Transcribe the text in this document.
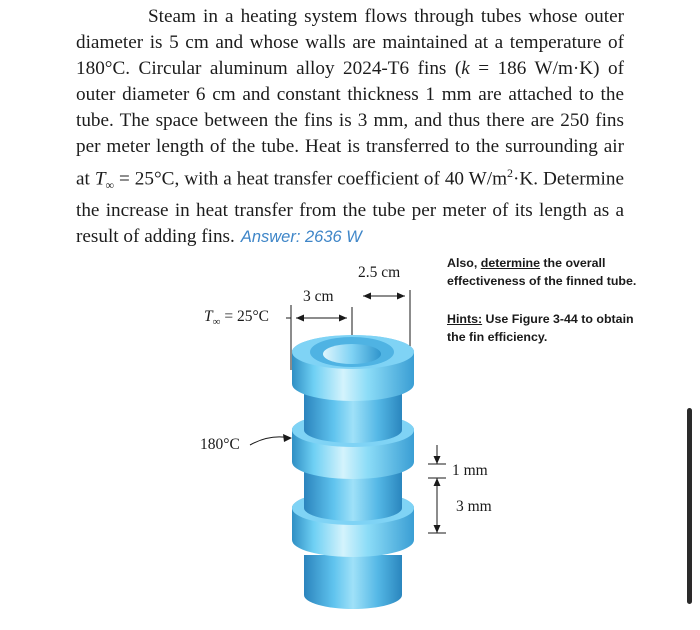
Steam in a heating system flows through tubes whose outer diameter is 5 cm and whose walls are maintained at a temperature of 180°C. Circular aluminum alloy 2024-T6 fins (k = 186 W/m·K) of outer diameter 6 cm and constant thickness 1 mm are attached to the tube. The space between the fins is 3 mm, and thus there are 250 fins per meter length of the tube. Heat is transferred to the surrounding air at $T_\infty = 25^\circ C$, with a heat transfer coefficient of 40 $W/m^2\cdot K$. Determine the increase in heat transfer from the tube per meter of its length as a result of adding fins. Answer: 2636 W

Also, determine the overall effectiveness of the finned tube.

Hints: Use Figure 3-44 to obtain the fin efficiency.

2.5 cm
3 cm
$T_\infty = 25^\circ C$
180°C
1 mm
3 mm
